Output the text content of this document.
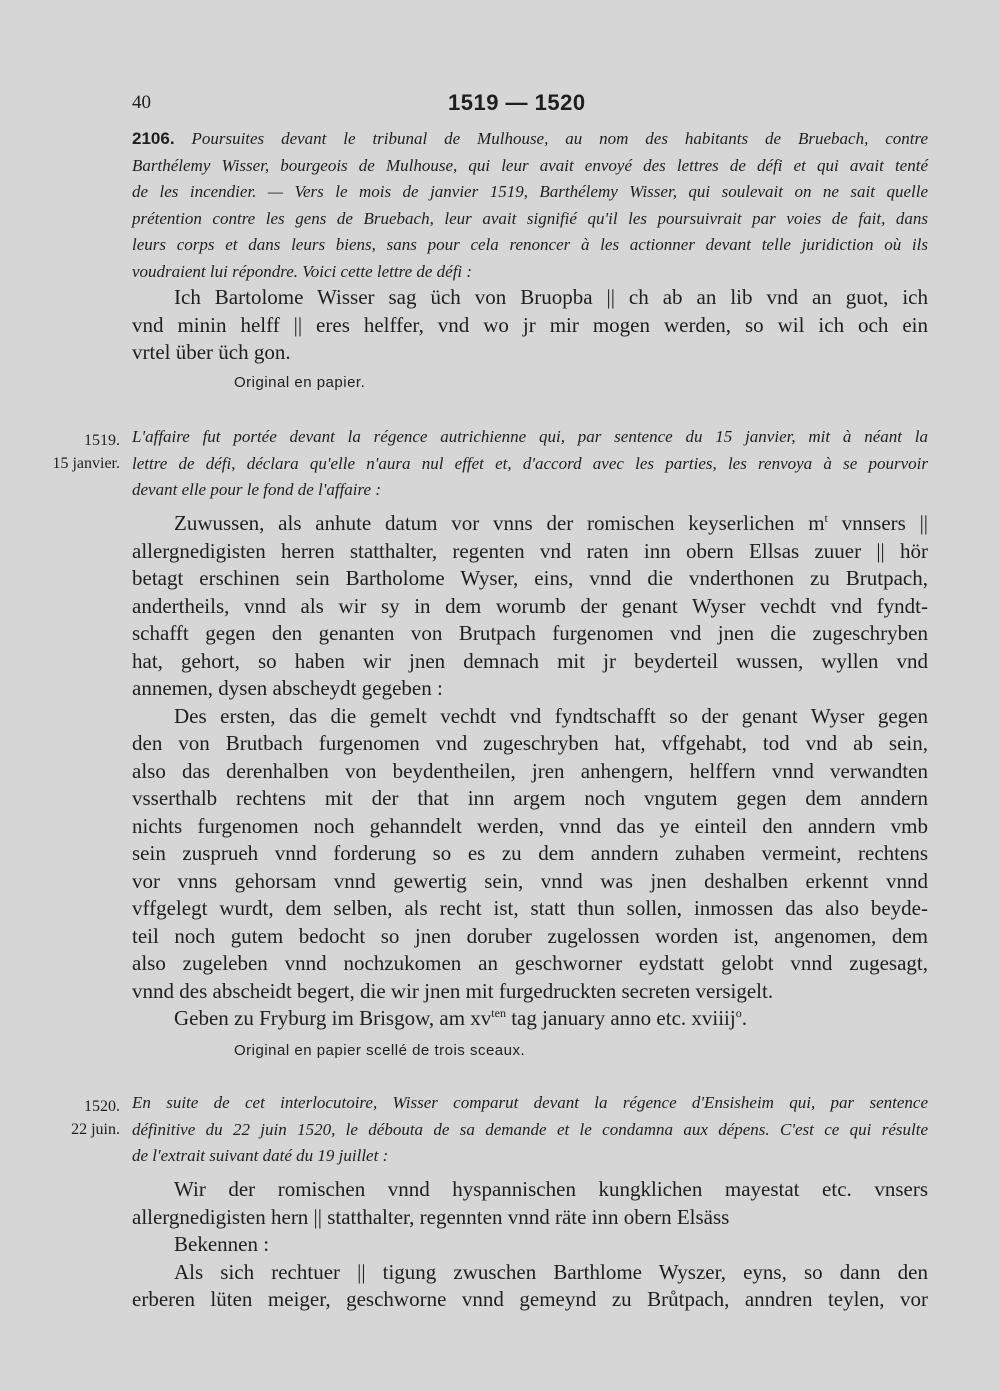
40	1519 — 1520
2106. Poursuites devant le tribunal de Mulhouse, au nom des habitants de Bruebach, contre
Barthélemy Wisser, bourgeois de Mulhouse, qui leur avait envoyé des lettres de défi et qui avait tenté
de les incendier. — Vers le mois de janvier 1519, Barthélemy Wisser, qui soulevait on ne sait quelle
prétention contre les gens de Bruebach, leur avait signifié qu'il les poursuivrait par voies de fait, dans
leurs corps et dans leurs biens, sans pour cela renoncer à les actionner devant telle juridiction où ils
voudraient lui répondre. Voici cette lettre de défi :
Ich Bartolome Wisser sag üch von Bruopba || ch ab an lib vnd an guot, ich
vnd minin helff || eres helffer, vnd wo jr mir mogen werden, so wil ich och ein
vrtel über üch gon.
Original en papier.
1519.
15 janvier.
L'affaire fut portée devant la régence autrichienne qui, par sentence du 15 janvier, mit à néant la
lettre de défi, déclara qu'elle n'aura nul effet et, d'accord avec les parties, les renvoya à se pourvoir
devant elle pour le fond de l'affaire :
Zuwussen, als anhute datum vor vnns der romischen keyserlichen $m^t$ vnnsers ||
allergnedigisten herren statthalter, regenten vnd raten inn obern Ellsas zuuer || hör
betagt erschinen sein Bartholome Wyser, eins, vnnd die vnderthonen zu Brutpach,
andertheils, vnnd als wir sy in dem worumb der genant Wyser vechdt vnd fyndt-
schafft gegen den genanten von Brutpach furgenomen vnd jnen die zugeschryben
hat, gehort, so haben wir jnen demnach mit jr beyderteil wussen, wyllen vnd
annemen, dysen abscheydt gegeben :
Des ersten, das die gemelt vechdt vnd fyndtschafft so der genant Wyser gegen
den von Brutbach furgenomen vnd zugeschryben hat, vffgehabt, tod vnd ab sein,
also das derenhalben von beydentheilen, jren anhengern, helffern vnnd verwandten
vsserthalb rechtens mit der that inn argem noch vngutem gegen dem anndern
nichts furgenomen noch gehanndelt werden, vnnd das ye einteil den anndern vmb
sein zusprueh vnnd forderung so es zu dem anndern zuhaben vermeint, rechtens
vor vnns gehorsam vnnd gewertig sein, vnnd was jnen deshalben erkennt vnnd
vffgelegt wurdt, dem selben, als recht ist, statt thun sollen, inmossen das also beyde-
teil noch gutem bedocht so jnen doruber zugelossen worden ist, angenomen, dem
also zugeleben vnnd nochzukomen an geschworner eydstatt gelobt vnnd zugesagt,
vnnd des abscheidt begert, die wir jnen mit furgedruckten secreten versigelt.
Geben zu Fryburg im Brisgow, am $xv^{ten}$ tag january anno etc. xviiij$^o$.
Original en papier scellé de trois sceaux.
1520.
22 juin.
En suite de cet interlocutoire, Wisser comparut devant la régence d'Ensisheim qui, par sentence
définitive du 22 juin 1520, le débouta de sa demande et le condamna aux dépens. C'est ce qui résulte
de l'extrait suivant daté du 19 juillet :
Wir der romischen vnnd hyspannischen kungklichen mayestat etc. vnsers
allergnedigisten hern || statthalter, regennten vnnd räte inn obern Elsäss
Bekennen :
Als sich rechtuer || tigung zwuschen Barthlome Wyszer, eyns, so dann den
erberen lüten meiger, geschworne vnnd gemeynd zu Brůtpach, anndren teylen, vor
